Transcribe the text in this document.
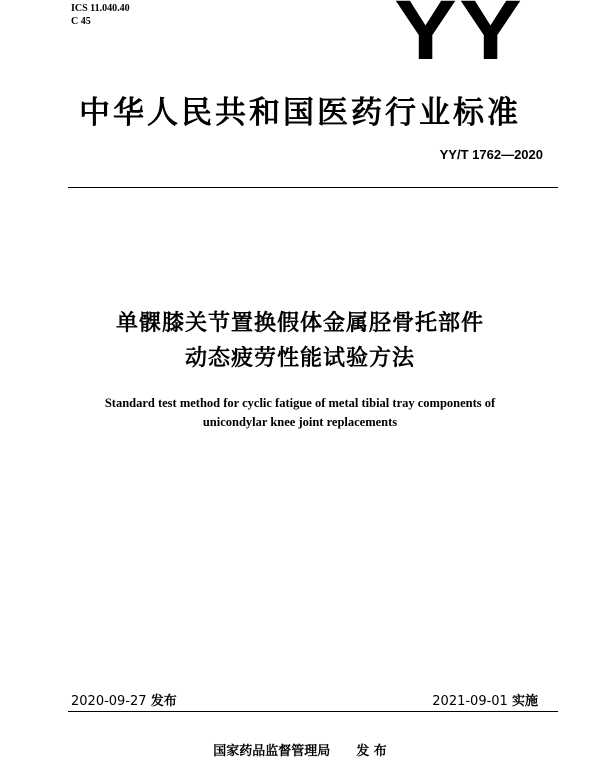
ICS 11.040.40
C 45	YY
中华人民共和国医药行业标准
YY/T 1762—2020
单髁膝关节置换假体金属胫骨托部件
动态疲劳性能试验方法
Standard test method for cyclic fatigue of metal tibial tray components of
unicondylar knee joint replacements
2020-09-27 发布	2021-09-01 实施
国家药品监督管理局 发 布
